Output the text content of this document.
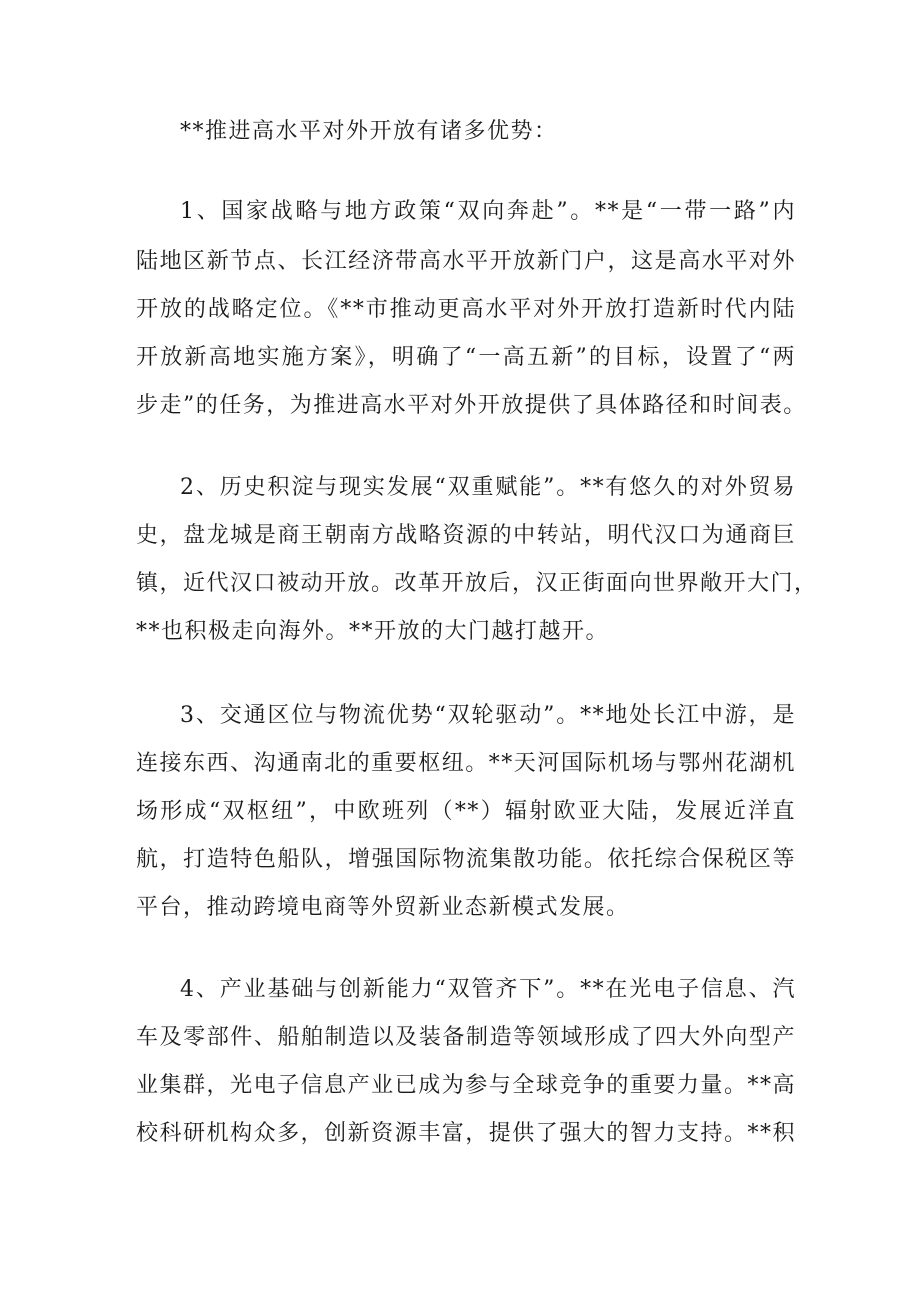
**推进高水平对外开放有诸多优势：
1、国家战略与地方政策“双向奔赴”。**是“一带一路”内
陆地区新节点、长江经济带高水平开放新门户，这是高水平对外
开放的战略定位。《**市推动更高水平对外开放打造新时代内陆
开放新高地实施方案》，明确了“一高五新”的目标，设置了“两
步走”的任务，为推进高水平对外开放提供了具体路径和时间表。
2、历史积淀与现实发展“双重赋能”。**有悠久的对外贸易
史，盘龙城是商王朝南方战略资源的中转站，明代汉口为通商巨
镇，近代汉口被动开放。改革开放后，汉正街面向世界敞开大门，
**也积极走向海外。**开放的大门越打越开。
3、交通区位与物流优势“双轮驱动”。**地处长江中游，是
连接东西、沟通南北的重要枢纽。**天河国际机场与鄂州花湖机
场形成“双枢纽”，中欧班列（**）辐射欧亚大陆，发展近洋直
航，打造特色船队，增强国际物流集散功能。依托综合保税区等
平台，推动跨境电商等外贸新业态新模式发展。
4、产业基础与创新能力“双管齐下”。**在光电子信息、汽
车及零部件、船舶制造以及装备制造等领域形成了四大外向型产
业集群，光电子信息产业已成为参与全球竞争的重要力量。**高
校科研机构众多，创新资源丰富，提供了强大的智力支持。**积
